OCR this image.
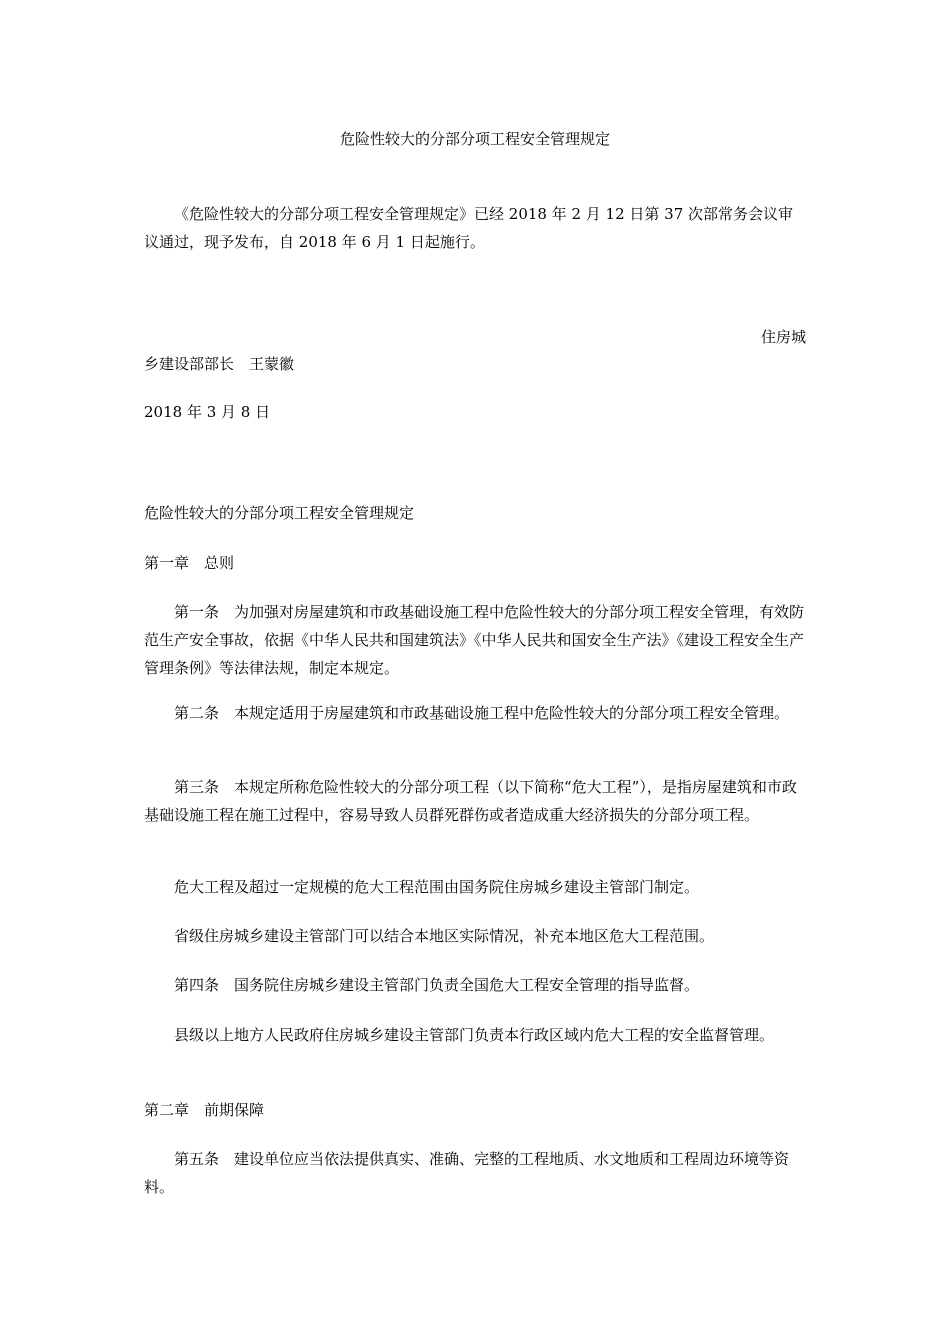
危险性较大的分部分项工程安全管理规定

《危险性较大的分部分项工程安全管理规定》已经 2018 年 2 月 12 日第 37 次部常务会议审议通过，现予发布，自 2018 年 6 月 1 日起施行。

住房城

乡建设部部长　王蒙徽

2018 年 3 月 8 日

危险性较大的分部分项工程安全管理规定

第一章　总则

第一条　为加强对房屋建筑和市政基础设施工程中危险性较大的分部分项工程安全管理，有效防范生产安全事故，依据《中华人民共和国建筑法》《中华人民共和国安全生产法》《建设工程安全生产管理条例》等法律法规，制定本规定。

第二条　本规定适用于房屋建筑和市政基础设施工程中危险性较大的分部分项工程安全管理。

第三条　本规定所称危险性较大的分部分项工程（以下简称“危大工程”），是指房屋建筑和市政基础设施工程在施工过程中，容易导致人员群死群伤或者造成重大经济损失的分部分项工程。

危大工程及超过一定规模的危大工程范围由国务院住房城乡建设主管部门制定。

省级住房城乡建设主管部门可以结合本地区实际情况，补充本地区危大工程范围。

第四条　国务院住房城乡建设主管部门负责全国危大工程安全管理的指导监督。

县级以上地方人民政府住房城乡建设主管部门负责本行政区域内危大工程的安全监督管理。

第二章　前期保障

第五条　建设单位应当依法提供真实、准确、完整的工程地质、水文地质和工程周边环境等资料。
